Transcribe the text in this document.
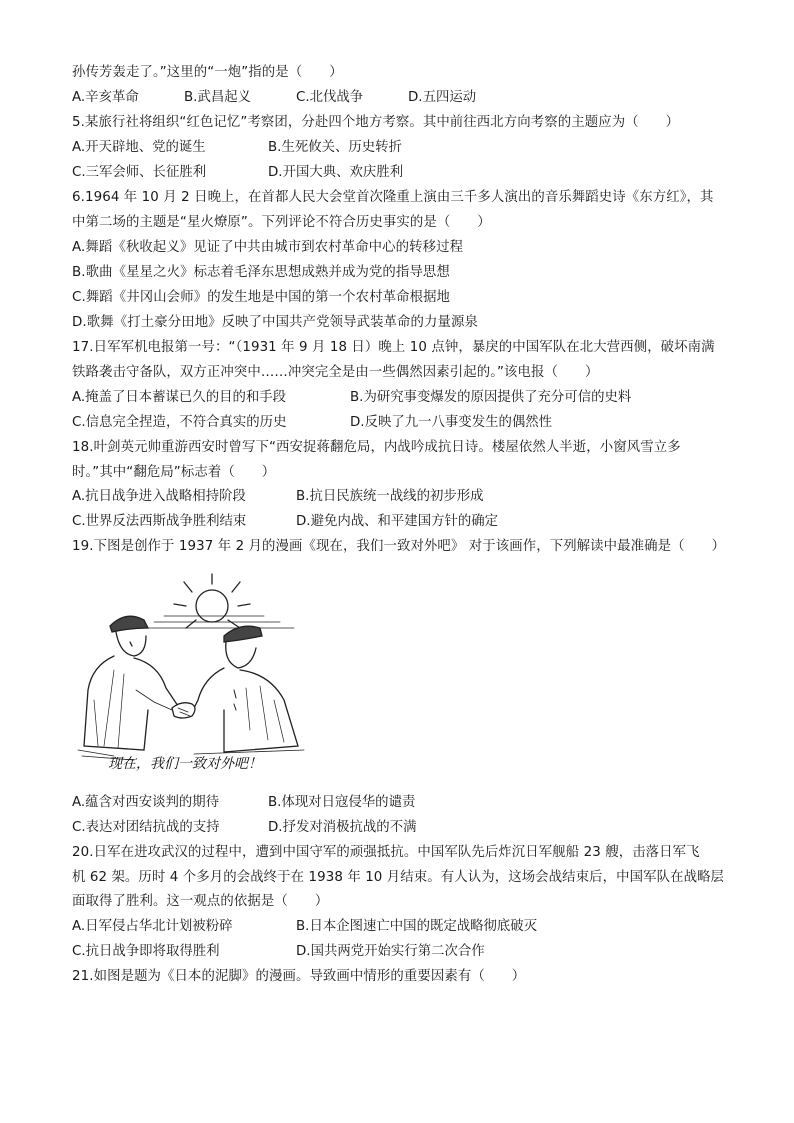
孙传芳轰走了。”这里的“一炮”指的是（　　）
A.辛亥革命	B.武昌起义	C.北伐战争	D.五四运动
5.某旅行社将组织“红色记忆”考察团，分赴四个地方考察。其中前往西北方向考察的主题应为（　　）
A.开天辟地、党的诞生	B.生死攸关、历史转折
C.三军会师、长征胜利	D.开国大典、欢庆胜利
6.1964 年 10 月 2 日晚上，在首都人民大会堂首次隆重上演由三千多人演出的音乐舞蹈史诗《东方红》，其
中第二场的主题是“星火燎原”。下列评论不符合历史事实的是（　　）
A.舞蹈《秋收起义》见证了中共由城市到农村革命中心的转移过程
B.歌曲《星星之火》标志着毛泽东思想成熟并成为党的指导思想
C.舞蹈《井冈山会师》的发生地是中国的第一个农村革命根据地
D.歌舞《打土豪分田地》反映了中国共产党领导武装革命的力量源泉
17.日军军机电报第一号：“（1931 年 9 月 18 日）晚上 10 点钟，暴戾的中国军队在北大营西侧，破坏南满
铁路袭击守备队，双方正冲突中……冲突完全是由一些偶然因素引起的。”该电报（　　）
A.掩盖了日本蓄谋已久的目的和手段	B.为研究事变爆发的原因提供了充分可信的史料
C.信息完全捏造，不符合真实的历史	D.反映了九一八事变发生的偶然性
18.叶剑英元帅重游西安时曾写下“西安捉蒋翻危局，内战吟成抗日诗。楼屋依然人半逝，小窗风雪立多
时。”其中“翻危局”标志着（　　）
A.抗日战争进入战略相持阶段	B.抗日民族统一战线的初步形成
C.世界反法西斯战争胜利结束	D.避免内战、和平建国方针的确定
19.下图是创作于 1937 年 2 月的漫画《现在，我们一致对外吧》 对于该画作，下列解读中最准确是（　　）
现在，我们一致对外吧！
A.蕴含对西安谈判的期待	B.体现对日寇侵华的谴责
C.表达对团结抗战的支持	D.抒发对消极抗战的不满
20.日军在进攻武汉的过程中，遭到中国守军的顽强抵抗。中国军队先后炸沉日军舰船 23 艘，击落日军飞
机 62 架。历时 4 个多月的会战终于在 1938 年 10 月结束。有人认为，这场会战结束后，中国军队在战略层
面取得了胜利。这一观点的依据是（　　）
A.日军侵占华北计划被粉碎	B.日本企图速亡中国的既定战略彻底破灭
C.抗日战争即将取得胜利	D.国共两党开始实行第二次合作
21.如图是题为《日本的泥脚》的漫画。导致画中情形的重要因素有（　　）
